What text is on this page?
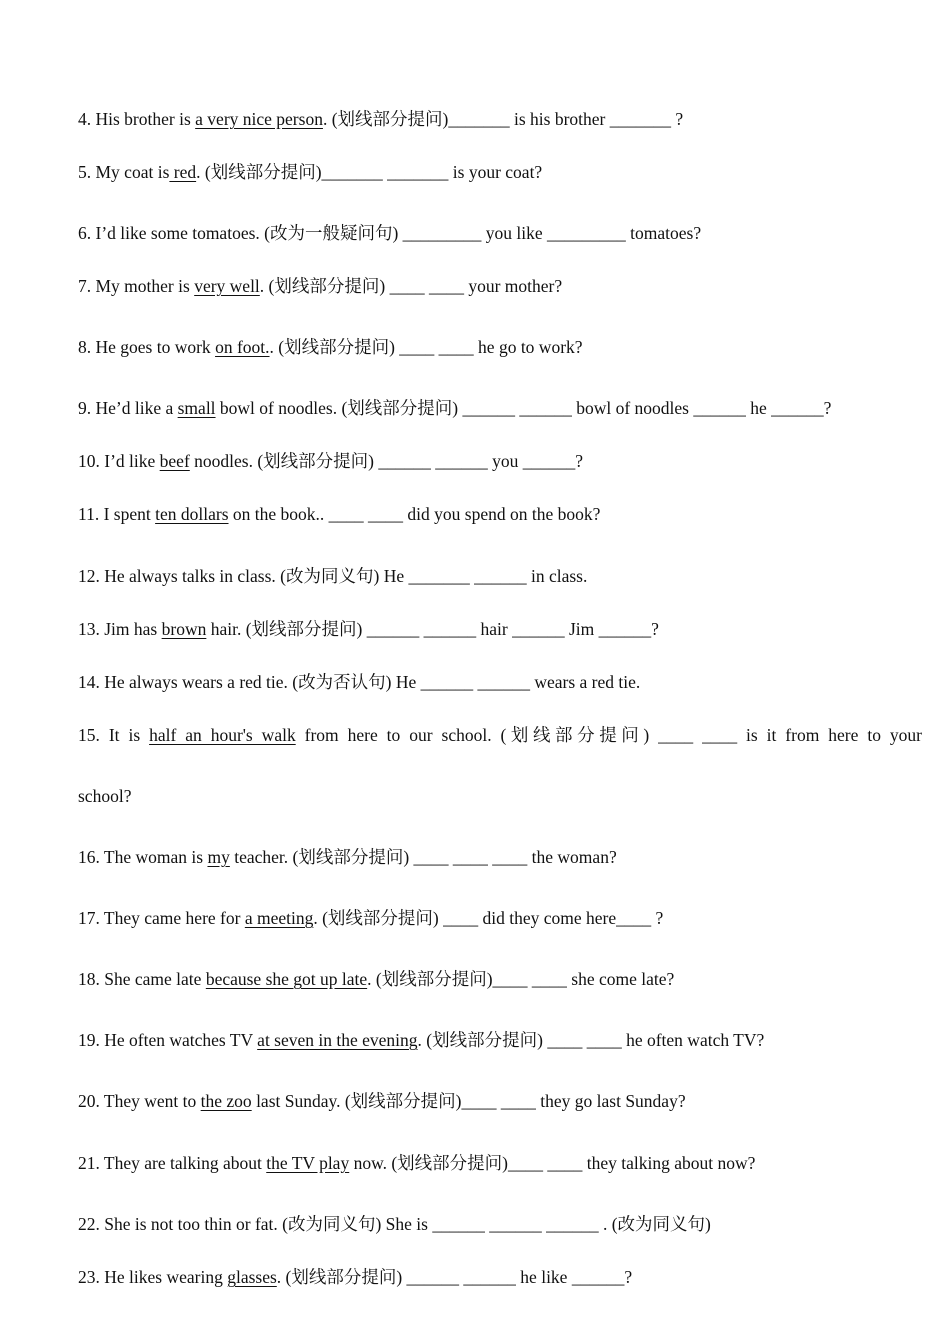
4. His brother is a very nice person. (划线部分提问)_______ is his brother _______ ?
5. My coat is red. (划线部分提问)_______ _______ is your coat?
6. I’d like some tomatoes. (改为一般疑问句) _________ you like _________ tomatoes?
7. My mother is very well. (划线部分提问) ____ ____ your mother?
8. He goes to work on foot.. (划线部分提问) ____ ____ he go to work?
9. He’d like a small bowl of noodles. (划线部分提问) ______ ______ bowl of noodles ______ he ______?
10. I’d like beef noodles. (划线部分提问) ______ ______ you ______?
11. I spent ten dollars on the book.. ____ ____ did you spend on the book?
12. He always talks in class. (改为同义句) He _______ ______ in class.
13. Jim has brown hair. (划线部分提问) ______ ______ hair ______ Jim ______?
14. He always wears a red tie. (改为否认句) He ______ ______ wears a red tie.
15. It is half an hour's walk from here to our school. (划线部分提问) ____ ____ is it from here to your
school?
16. The woman is my teacher. (划线部分提问) ____ ____ ____ the woman?
17. They came here for a meeting. (划线部分提问) ____ did they come here____ ?
18. She came late because she got up late. (划线部分提问)____ ____ she come late?
19. He often watches TV at seven in the evening. (划线部分提问) ____ ____ he often watch TV?
20. They went to the zoo last Sunday. (划线部分提问)____ ____ they go last Sunday?
21. They are talking about the TV play now. (划线部分提问)____ ____ they talking about now?
22. She is not too thin or fat. (改为同义句) She is ______ ______ ______ . (改为同义句)
23. He likes wearing glasses. (划线部分提问) ______ ______ he like ______?
